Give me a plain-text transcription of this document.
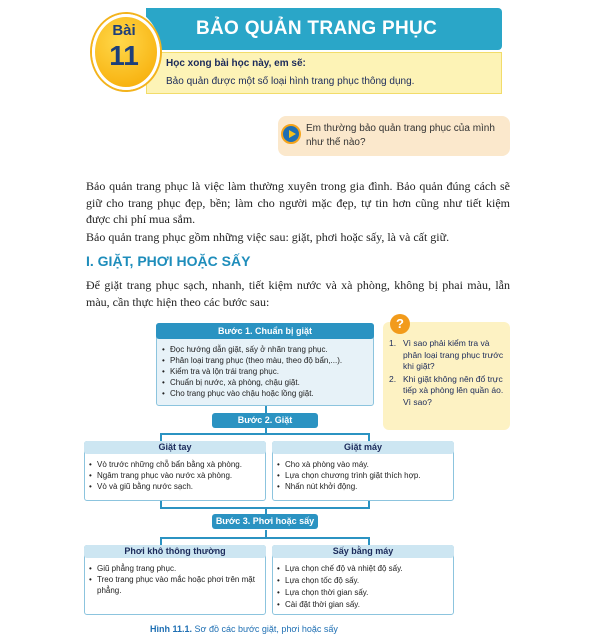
BẢO QUẢN TRANG PHỤC
Học xong bài học này, em sẽ:
Bảo quản được một số loại hình trang phục thông dụng.
Bài
11
Em thường bảo quản trang phục của mình
như thế nào?
Bảo quản trang phục là việc làm thường xuyên trong gia đình. Bảo quản đúng cách sẽ giữ cho trang phục đẹp, bền; làm cho người mặc đẹp, tự tin hơn cũng như tiết kiệm được chi phí mua sắm.
Bảo quản trang phục gồm những việc sau: giặt, phơi hoặc sấy, là và cất giữ.
I. GIẶT, PHƠI HOẶC SẤY
Để giặt trang phục sạch, nhanh, tiết kiệm nước và xà phòng, không bị phai màu, lẫn màu, cần thực hiện theo các bước sau:
Bước 1. Chuẩn bị giặt
• Đọc hướng dẫn giặt, sấy ở nhãn trang phục.
• Phân loại trang phục (theo màu, theo độ bẩn,...).
• Kiểm tra và lộn trái trang phục.
• Chuẩn bị nước, xà phòng, chậu giặt.
• Cho trang phục vào chậu hoặc lồng giặt.
Bước 2. Giặt
Giặt tay
• Vò trước những chỗ bẩn bằng xà phòng.
• Ngâm trang phục vào nước xà phòng.
• Vò và giũ bằng nước sạch.
Giặt máy
• Cho xà phòng vào máy.
• Lựa chọn chương trình giặt thích hợp.
• Nhấn nút khởi động.
Bước 3. Phơi hoặc sấy
Phơi khô thông thường
• Giũ phẳng trang phục.
• Treo trang phục vào mắc hoặc phơi trên mặt phẳng.
Sấy bằng máy
• Lựa chọn chế độ và nhiệt độ sấy.
• Lựa chọn tốc độ sấy.
• Lựa chọn thời gian sấy.
• Cài đặt thời gian sấy.
?
1. Vì sao phải kiểm tra và phân loại trang phục trước khi giặt?
2. Khi giặt không nên đổ trực tiếp xà phòng lên quần áo. Vì sao?
Hình 11.1. Sơ đồ các bước giặt, phơi hoặc sấy
